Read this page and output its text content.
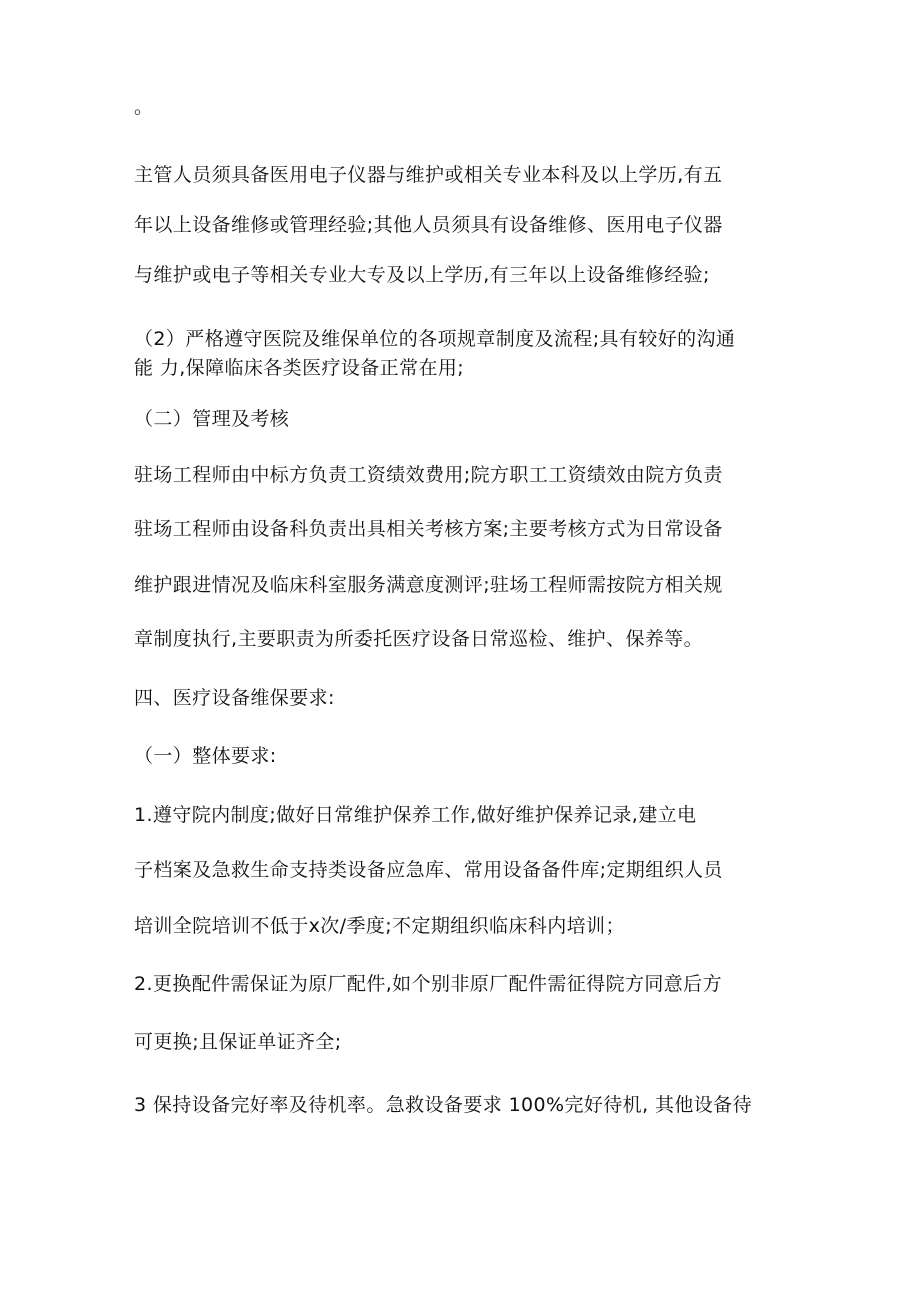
。
主管人员须具备医用电子仪器与维护或相关专业本科及以上学历,有五
年以上设备维修或管理经验;其他人员须具有设备维修、医用电子仪器
与维护或电子等相关专业大专及以上学历,有三年以上设备维修经验;
（2）严格遵守医院及维保单位的各项规章制度及流程;具有较好的沟通
能 力,保障临床各类医疗设备正常在用;
（二）管理及考核
驻场工程师由中标方负责工资绩效费用;院方职工工资绩效由院方负责
驻场工程师由设备科负责出具相关考核方案;主要考核方式为日常设备
维护跟进情况及临床科室服务满意度测评;驻场工程师需按院方相关规
章制度执行,主要职责为所委托医疗设备日常巡检、维护、保养等。
四、医疗设备维保要求:
（一）整体要求:
1.遵守院内制度;做好日常维护保养工作,做好维护保养记录,建立电
子档案及急救生命支持类设备应急库、常用设备备件库;定期组织人员
培训全院培训不低于x次/季度;不定期组织临床科内培训；
2.更换配件需保证为原厂配件,如个别非原厂配件需征得院方同意后方
可更换;且保证单证齐全;
3 保持设备完好率及待机率。急救设备要求 100%完好待机, 其他设备待
